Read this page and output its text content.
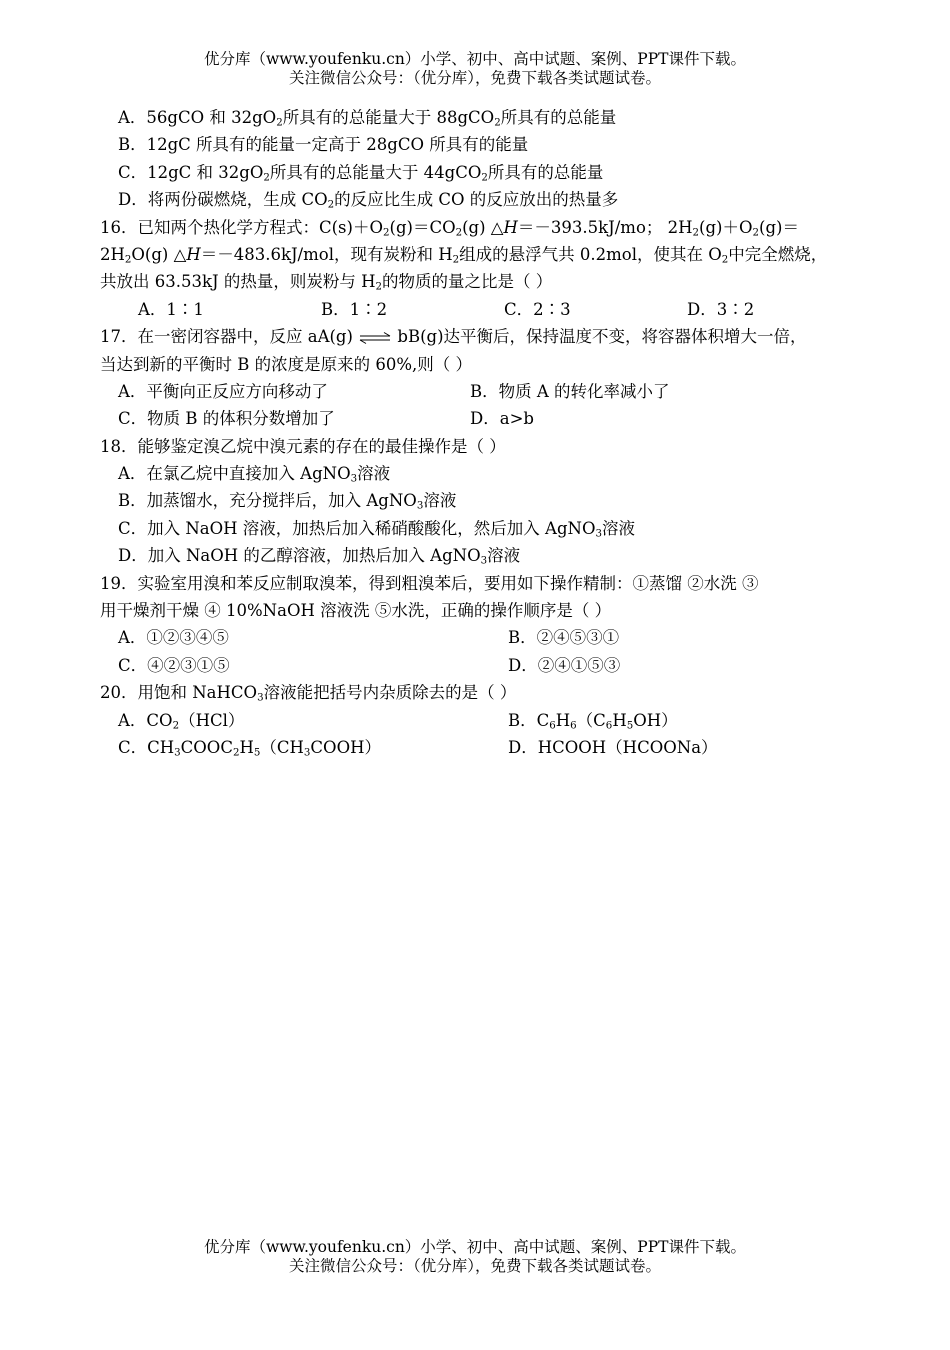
优分库（www.youfenku.cn）小学、初中、高中试题、案例、PPT课件下载。
关注微信公众号：（优分库），免费下载各类试题试卷。
A．56gCO 和 $32gO_2$所具有的总能量大于 88gCO$_2$所具有的总能量
B．12gC 所具有的能量一定高于 28gCO 所具有的能量
C．12gC 和 $32gO_2$所具有的总能量大于 44gCO$_2$所具有的总能量
D．将两份碳燃烧，生成 $CO_2$的反应比生成 CO 的反应放出的热量多
16．已知两个热化学方程式：$C(s)+O_2(g)=CO_2(g)$ △H＝－393.5kJ/mo； $2H_2(g)+O_2(g)=$
$2H_2O(g)$ △H＝－483.6kJ/mol，现有炭粉和 $H_2$组成的悬浮气共 0.2mol，使其在 $O_2$中完全燃烧，
共放出 63.53kJ 的热量，则炭粉与 $H_2$的物质的量之比是（ ）
A．1∶1	B．1∶2	C．2∶3	D．3∶2
17．在一密闭容器中，反应 aA(g) ⇌ bB(g)达平衡后，保持温度不变，将容器体积增大一倍，
当达到新的平衡时 B 的浓度是原来的 60%,则（ ）
A．平衡向正反应方向移动了	B．物质 A 的转化率减小了
C．物质 B 的体积分数增加了	D．a>b
18．能够鉴定溴乙烷中溴元素的存在的最佳操作是（ ）
A．在氯乙烷中直接加入 AgNO$_3$溶液
B．加蒸馏水，充分搅拌后，加入 AgNO$_3$溶液
C．加入 NaOH 溶液，加热后加入稀硝酸酸化，然后加入 AgNO$_3$溶液
D．加入 NaOH 的乙醇溶液，加热后加入 AgNO$_3$溶液
19．实验室用溴和苯反应制取溴苯，得到粗溴苯后，要用如下操作精制：①蒸馏 ②水洗 ③
用干燥剂干燥 ④ 10%NaOH 溶液洗 ⑤水洗，正确的操作顺序是（ ）
A．①②③④⑤	B．②④⑤③①
C．④②③①⑤	D．②④①⑤③
20．用饱和 NaHCO$_3$溶液能把括号内杂质除去的是（ ）
A．$CO_2(HCl)$	B．$C_6H_6(C_6H_5OH)$
C．$CH_3COOC_2H_5(CH_3COOH)$	D．HCOOH（HCOONa）
优分库（www.youfenku.cn）小学、初中、高中试题、案例、PPT课件下载。
关注微信公众号：（优分库），免费下载各类试题试卷。
